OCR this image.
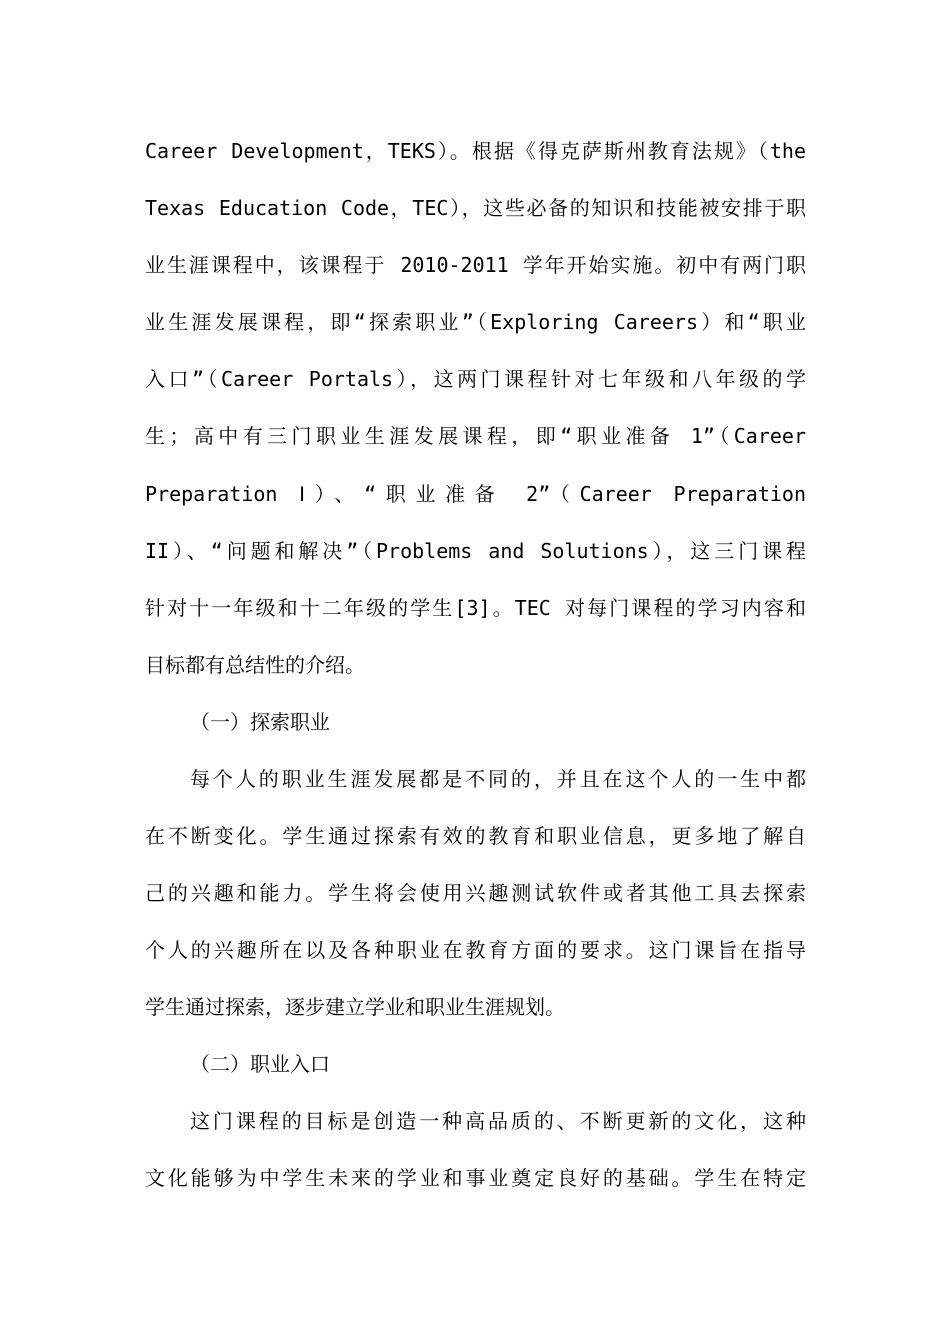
Career Development，TEKS）。根据《得克萨斯州教育法规》（the
Texas Education Code，TEC），这些必备的知识和技能被安排于职
业生涯课程中，该课程于 2010-2011 学年开始实施。初中有两门职
业生涯发展课程，即“探索职业”（Exploring Careers）和“职业
入口”（Career Portals），这两门课程针对七年级和八年级的学
生；高中有三门职业生涯发展课程，即“职业准备 1”（Career
Preparation Ⅰ）、“职业准备 2”（Career Preparation
II）、“问题和解决”（Problems and Solutions），这三门课程
针对十一年级和十二年级的学生[3]。TEC 对每门课程的学习内容和
目标都有总结性的介绍。
（一）探索职业
每个人的职业生涯发展都是不同的，并且在这个人的一生中都
在不断变化。学生通过探索有效的教育和职业信息，更多地了解自
己的兴趣和能力。学生将会使用兴趣测试软件或者其他工具去探索
个人的兴趣所在以及各种职业在教育方面的要求。这门课旨在指导
学生通过探索，逐步建立学业和职业生涯规划。
（二）职业入口
这门课程的目标是创造一种高品质的、不断更新的文化，这种
文化能够为中学生未来的学业和事业奠定良好的基础。学生在特定
